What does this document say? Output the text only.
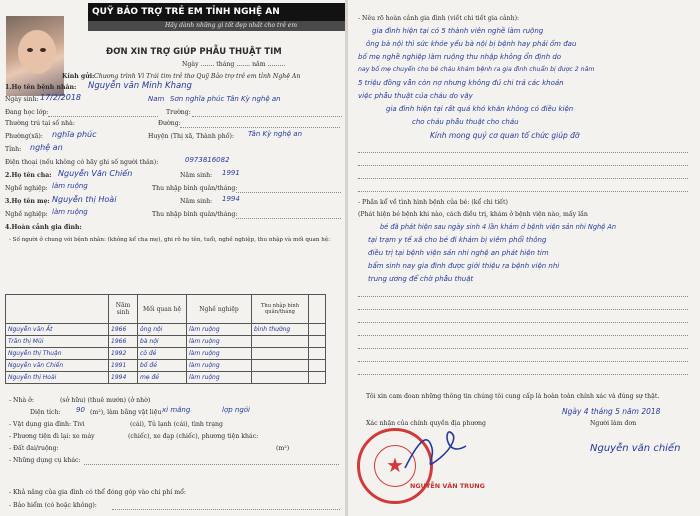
QUỸ BẢO TRỢ TRẺ EM TỈNH NGHỆ AN
Hãy dành những gì tốt đẹp nhất cho trẻ em
ĐƠN XIN TRỢ GIÚP PHẪU THUẬT TIM
Ngày ....... tháng ....... năm .........
Kính gửi: Chương trình Vì Trái tim trẻ thơ Quỹ Bảo trợ trẻ em tỉnh Nghệ An
1.Họ tên bệnh nhân: Nguyễn văn Minh Khang
Ngày sinh: 17/2/2018	Nam Sơn nghĩa phúc Tân Kỳ nghệ an
Đang học lớp:	Trường:
Thường trú tại số nhà:	Đường:
Phường(xã): nghĩa phúc	Huyện (Thị xã, Thành phố): Tân Kỳ nghệ an
Tỉnh: nghệ an
Điện thoại (nếu không có hãy ghi số người thân):	0973816082
2.Họ tên cha: Nguyễn Văn Chiến	Năm sinh: 1991
Nghề nghiệp: làm ruộng	Thu nhập bình quân/tháng:
3.Họ tên mẹ: Nguyễn thị Hoài	Năm sinh: 1994
Nghề nghiệp: làm ruộng	Thu nhập bình quân/tháng:
4.Hoàn cảnh gia đình:
- Số người ở chung với bệnh nhân: (không kể cha mẹ), ghi rõ họ tên, tuổi, nghề nghiệp, thu nhập và mối quan hệ:
	Năm sinh	Mối quan hệ	Nghề nghiệp	Thu nhập bình quân/tháng	
Nguyễn văn Ất	1966	ông nội	làm ruộng	bình thường	
Trần thị Mùi	1966	bà nội	làm ruộng		
Nguyễn thị Thuận	1992	cô đẻ	làm ruộng		
Nguyễn văn Chiến	1991	bố đẻ	làm ruộng		
Nguyễn thị Hoài	1994	mẹ đẻ	làm ruộng		
- Nhà ở:	(sở hữu) (thuê mướn) (ở nhờ)
Diện tích: 90 (m²), làm bằng vật liệu xi măng	lợp ngói
- Vật dụng gia đình: Tivi	(cái), Tủ lạnh (cái), tình trạng
- Phương tiện đi lại: xe máy	(chiếc), xe đạp (chiếc), phương tiện khác:
- Đất đai/ruộng:	(m²)
- Những dụng cụ khác:
- Khả năng của gia đình có thể đóng góp vào chi phí mổ:
- Bảo hiểm (có hoặc không):
- Nêu rõ hoàn cảnh gia đình (viết chi tiết gia cảnh):
gia đình hiện tại có 5 thành viên nghề làm ruộng
ông bà nội thì sức khỏe yếu bà nội bị bệnh hay phải ốm đau
bố mẹ nghề nghiệp làm ruộng thu nhập không ổn định do
nay bố mẹ chuyển cho bé cháu khám bệnh ra gia đình chuẩn bị được 2 năm
5 triệu đồng vẫn còn nợ nhưng không đủ chi trả các khoản
việc phẫu thuật của cháu do vậy
gia đình hiện tại rất quá khó khăn không có điều kiện
cho cháu phẫu thuật cho cháu
Kính mong quý cơ quan tổ chức giúp đỡ
- Phần kể về tình hình bệnh của bé: (kể chi tiết)
(Phát hiện bé bệnh khi nào, cách điều trị, khám ở bệnh viện nào, mấy lần
bé đã phát hiện sau ngày sinh 4 lần khám ở bệnh viện sản nhi Nghệ An
tại trạm y tế xã cho bé đi khám bị viêm phổi thông
điều trị tại bệnh viện sản nhi nghệ an phát hiện tim
bẩm sinh nay gia đình được giới thiệu ra bệnh viện nhi
trung ương để chờ phẫu thuật
Tôi xin cam đoan những thông tin chúng tôi cung cấp là hoàn toàn chính xác và đúng sự thật.
Ngày 4 tháng 5 năm 2018
Xác nhận của chính quyền địa phương	Người làm đơn
★
NGUYỄN VĂN TRUNG
Nguyễn văn chiến
